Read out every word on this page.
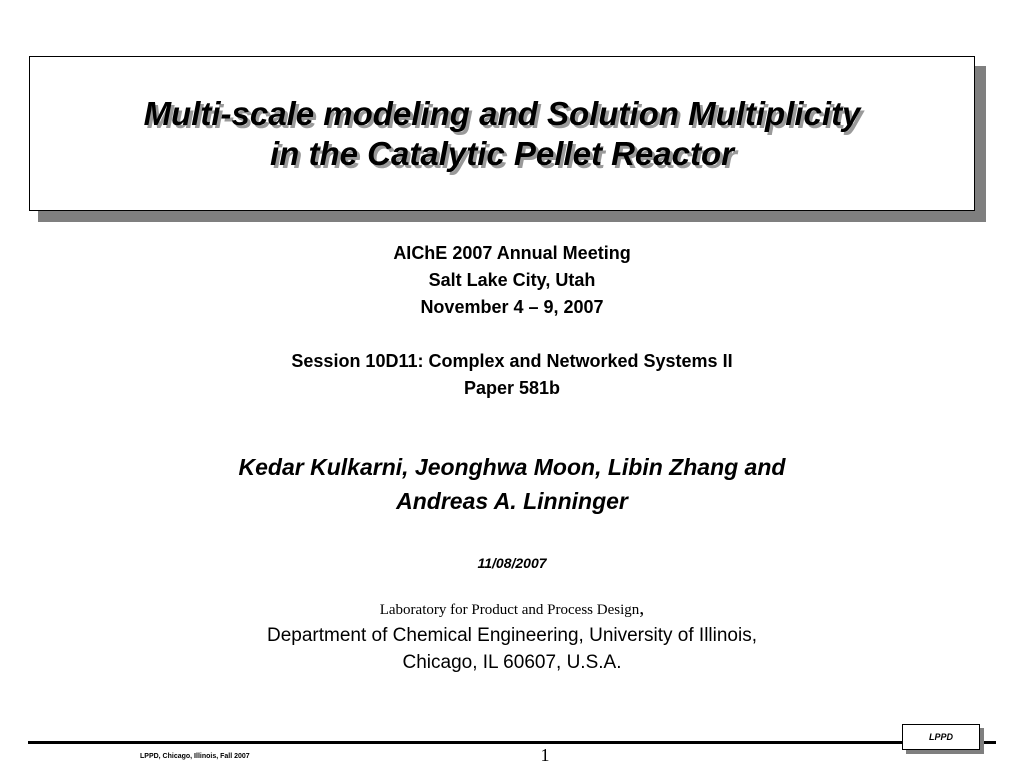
Multi-scale modeling and Solution Multiplicity
in the Catalytic Pellet Reactor
AIChE 2007 Annual Meeting
Salt Lake City, Utah
November 4 – 9, 2007
Session 10D11: Complex and Networked Systems II
Paper 581b
Kedar Kulkarni, Jeonghwa Moon, Libin Zhang and
Andreas A. Linninger
11/08/2007
Laboratory for Product and Process Design,
Department of Chemical Engineering, University of Illinois,
Chicago, IL 60607, U.S.A.
LPPD, Chicago, Illinois, Fall 2007	1
LPPD
